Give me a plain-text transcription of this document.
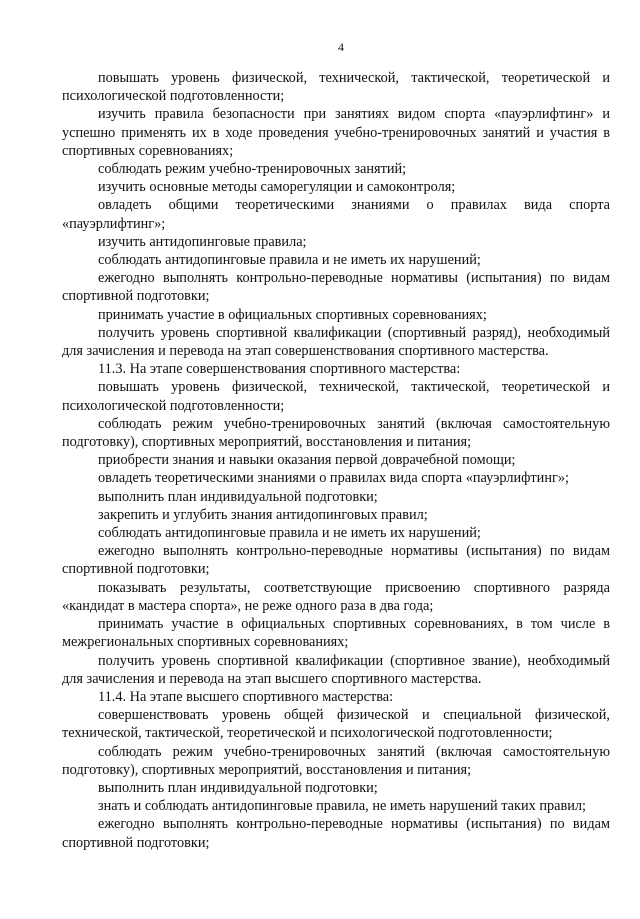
4

повышать уровень физической, технической, тактической, теоретической и психологической подготовленности;

изучить правила безопасности при занятиях видом спорта «пауэрлифтинг» и успешно применять их в ходе проведения учебно-тренировочных занятий и участия в спортивных соревнованиях;

соблюдать режим учебно-тренировочных занятий;

изучить основные методы саморегуляции и самоконтроля;

овладеть общими теоретическими знаниями о правилах вида спорта «пауэрлифтинг»;

изучить антидопинговые правила;

соблюдать антидопинговые правила и не иметь их нарушений;

ежегодно выполнять контрольно-переводные нормативы (испытания) по видам спортивной подготовки;

принимать участие в официальных спортивных соревнованиях;

получить уровень спортивной квалификации (спортивный разряд), необходимый для зачисления и перевода на этап совершенствования спортивного мастерства.

11.3. На этапе совершенствования спортивного мастерства:

повышать уровень физической, технической, тактической, теоретической и психологической подготовленности;

соблюдать режим учебно-тренировочных занятий (включая самостоятельную подготовку), спортивных мероприятий, восстановления и питания;

приобрести знания и навыки оказания первой доврачебной помощи;

овладеть теоретическими знаниями о правилах вида спорта «пауэрлифтинг»;

выполнить план индивидуальной подготовки;

закрепить и углубить знания антидопинговых правил;

соблюдать антидопинговые правила и не иметь их нарушений;

ежегодно выполнять контрольно-переводные нормативы (испытания) по видам спортивной подготовки;

показывать результаты, соответствующие присвоению спортивного разряда «кандидат в мастера спорта», не реже одного раза в два года;

принимать участие в официальных спортивных соревнованиях, в том числе в межрегиональных спортивных соревнованиях;

получить уровень спортивной квалификации (спортивное звание), необходимый для зачисления и перевода на этап высшего спортивного мастерства.

11.4. На этапе высшего спортивного мастерства:

совершенствовать уровень общей физической и специальной физической, технической, тактической, теоретической и психологической подготовленности;

соблюдать режим учебно-тренировочных занятий (включая самостоятельную подготовку), спортивных мероприятий, восстановления и питания;

выполнить план индивидуальной подготовки;

знать и соблюдать антидопинговые правила, не иметь нарушений таких правил;

ежегодно выполнять контрольно-переводные нормативы (испытания) по видам спортивной подготовки;
